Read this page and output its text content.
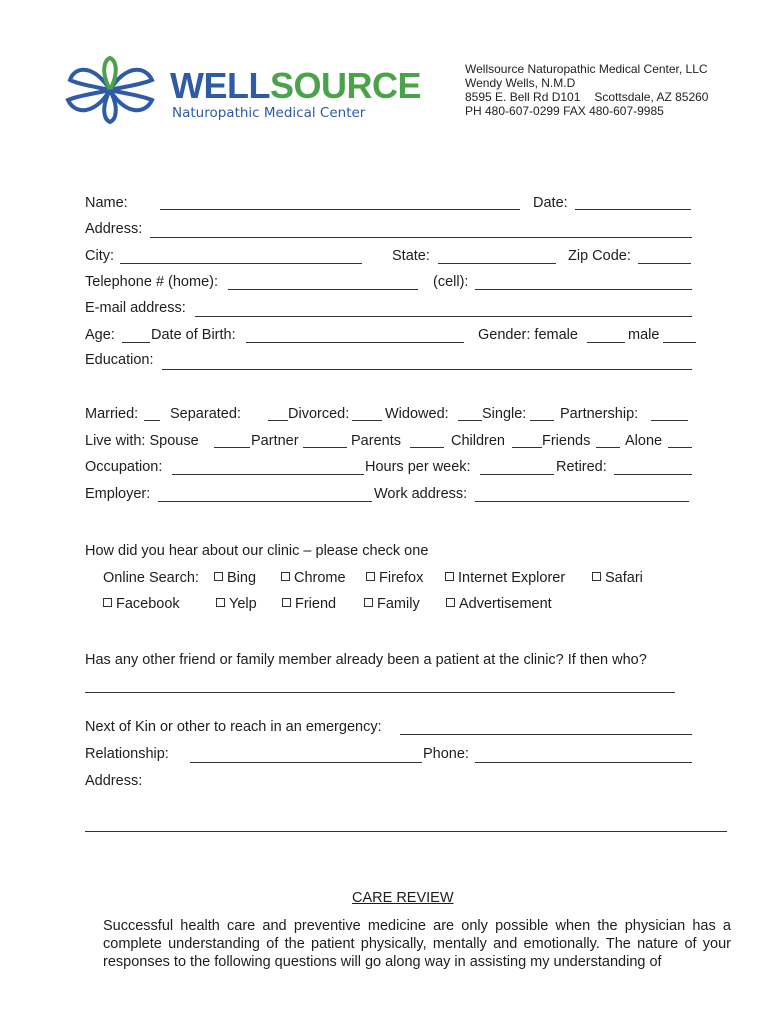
WELLSOURCE
Naturopathic Medical Center
Wellsource Naturopathic Medical Center, LLC
Wendy Wells, N.M.D
8595 E. Bell Rd D101 Scottsdale, AZ 85260
PH 480-607-0299 FAX 480-607-9985
Name:	Date:
Address:
City:	State:	Zip Code:
Telephone # (home):	(cell):
E-mail address:
Age: Date of Birth:	Gender: female	male
Education:
Married: Separated:	Divorced: Widowed: Single: Partnership:
Live with: Spouse	Partner	Parents	Children	Friends Alone
Occupation:	Hours per week:	Retired:
Employer:	Work address:
How did you hear about our clinic – please check one
Online Search:	Bing	Chrome	Firefox	Internet Explorer	Safari
Facebook	Yelp	Friend	Family	Advertisement
Has any other friend or family member already been a patient at the clinic? If then who?
Next of Kin or other to reach in an emergency:
Relationship:	Phone:
Address:
CARE REVIEW
Successful health care and preventive medicine are only possible when the physician has a complete understanding of the patient physically, mentally and emotionally. The nature of your responses to the following questions will go along way in assisting my understanding of
